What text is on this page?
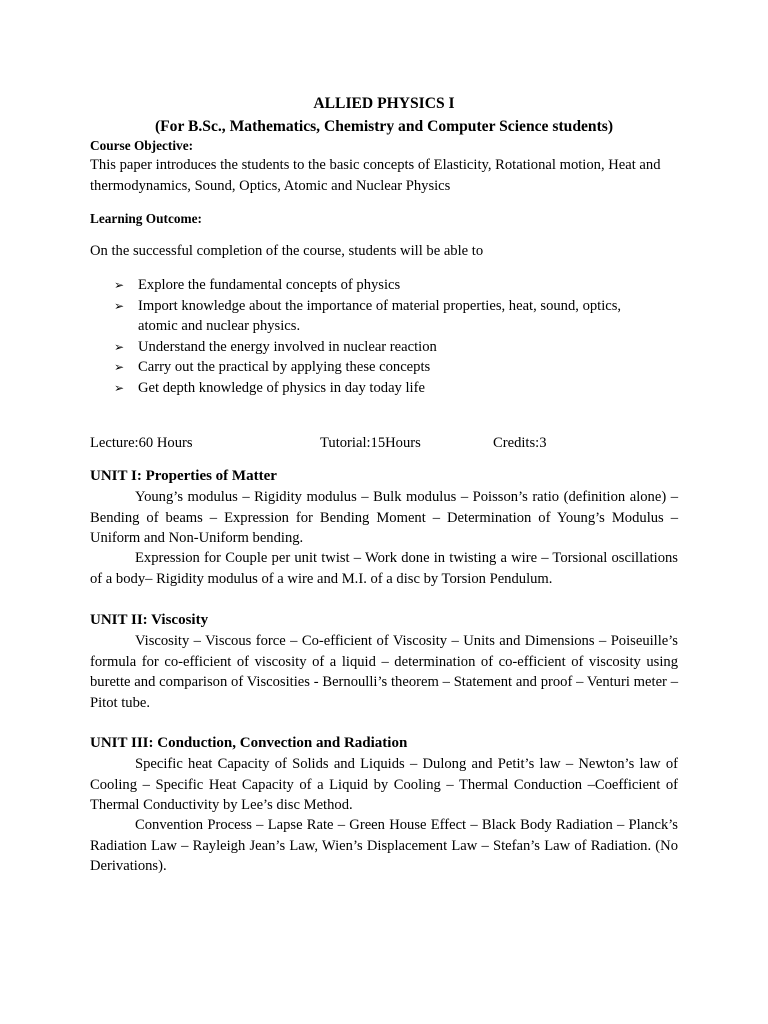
ALLIED PHYSICS I
(For B.Sc., Mathematics, Chemistry and Computer Science students)
Course Objective:
This paper introduces the students to the basic concepts of Elasticity, Rotational motion, Heat and thermodynamics, Sound, Optics, Atomic and Nuclear Physics
Learning Outcome:
On the successful completion of the course, students will be able to
➢ Explore the fundamental concepts of physics
➢ Import knowledge about the importance of material properties, heat, sound, optics, atomic and nuclear physics.
➢ Understand the energy involved in nuclear reaction
➢ Carry out the practical by applying these concepts
➢ Get depth knowledge of physics in day today life
Lecture:60 Hours	Tutorial:15Hours	Credits:3
UNIT I: Properties of Matter
Young’s modulus – Rigidity modulus – Bulk modulus – Poisson’s ratio (definition alone) – Bending of beams – Expression for Bending Moment – Determination of Young’s Modulus – Uniform and Non-Uniform bending.
Expression for Couple per unit twist – Work done in twisting a wire – Torsional oscillations of a body– Rigidity modulus of a wire and M.I. of a disc by Torsion Pendulum.
UNIT II: Viscosity
Viscosity – Viscous force – Co-efficient of Viscosity – Units and Dimensions – Poiseuille’s formula for co-efficient of viscosity of a liquid – determination of co-efficient of viscosity using burette and comparison of Viscosities - Bernoulli’s theorem – Statement and proof – Venturi meter – Pitot tube.
UNIT III: Conduction, Convection and Radiation
Specific heat Capacity of Solids and Liquids – Dulong and Petit’s law – Newton’s law of Cooling – Specific Heat Capacity of a Liquid by Cooling – Thermal Conduction –Coefficient of Thermal Conductivity by Lee’s disc Method.
Convention Process – Lapse Rate – Green House Effect – Black Body Radiation – Planck’s Radiation Law – Rayleigh Jean’s Law, Wien’s Displacement Law – Stefan’s Law of Radiation. (No Derivations).
